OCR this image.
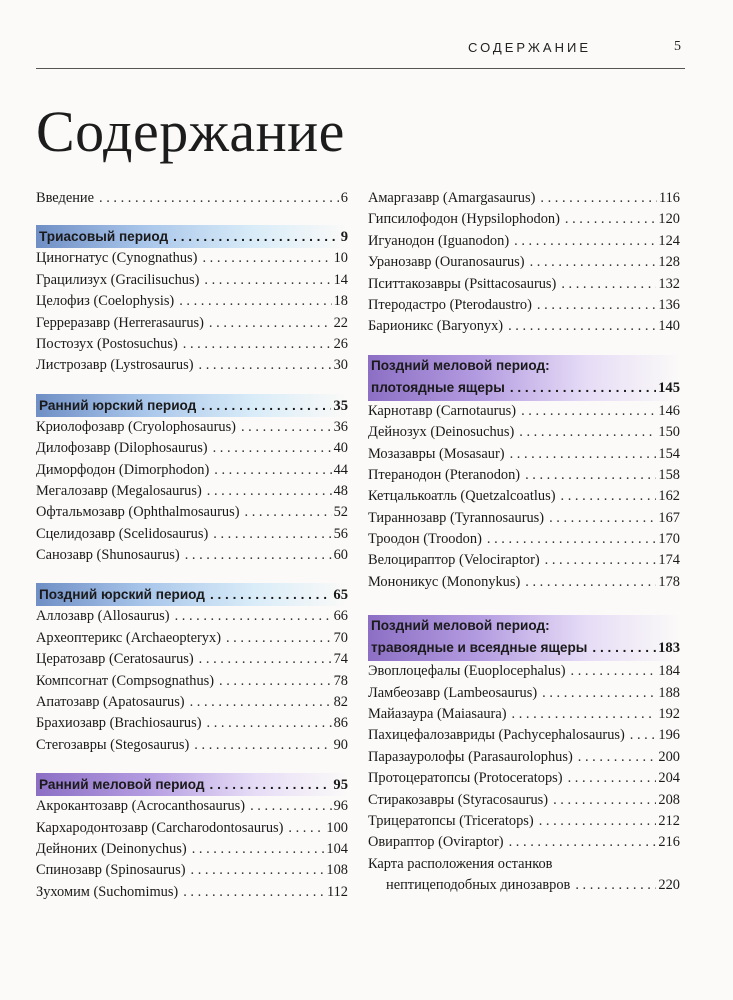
СОДЕРЖАНИЕ	5
Содержание
Введение . . .	6
Триасовый период . . .	9
Циногнатус (Cynognathus) . . .	10
Грацилизух (Gracilisuchus) . . .	14
Целофиз (Coelophysis) . . .	18
Герреразавр (Herrerasaurus) . . .	22
Постозух (Postosuchus) . . .	26
Листрозавр (Lystrosaurus) . . .	30
Ранний юрский период . . .	35
Криолофозавр (Cryolophosaurus) . . .	36
Дилофозавр (Dilophosaurus) . . .	40
Диморфодон (Dimorphodon) . . .	44
Мегалозавр (Megalosaurus) . . .	48
Офтальмозавр (Ophthalmosaurus) . . .	52
Сцелидозавр (Scelidosaurus) . . .	56
Санозавр (Shunosaurus) . . .	60
Поздний юрский период . . .	65
Аллозавр (Allosaurus) . . .	66
Археоптерикс (Archaeopteryx) . . .	70
Цератозавр (Ceratosaurus) . . .	74
Компсогнат (Compsognathus) . . .	78
Апатозавр (Apatosaurus) . . .	82
Брахиозавр (Brachiosaurus) . . .	86
Стегозавры (Stegosaurus) . . .	90
Ранний меловой период . . .	95
Акрокантозавр (Acrocanthosaurus) . . .	96
Кархародонтозавр (Carcharodontosaurus) . . .	100
Дейноних (Deinonychus) . . .	104
Спинозавр (Spinosaurus) . . .	108
Зухомим (Suchomimus) . . .	112
Амаргазавр (Amargasaurus) . . .	116
Гипсилофодон (Hypsilophodon) . . .	120
Игуанодон (Iguanodon) . . .	124
Уранозавр (Ouranosaurus) . . .	128
Пситтакозавры (Psittacosaurus) . . .	132
Птеродастро (Pterodaustro) . . .	136
Барионикс (Baryonyx) . . .	140
Поздний меловой период:
плотоядные ящеры . . .	145
Карнотавр (Carnotaurus) . . .	146
Дейнозух (Deinosuchus) . . .	150
Мозазавры (Mosasaur) . . .	154
Птеранодон (Pteranodon) . . .	158
Кетцалькоатль (Quetzalcoatlus) . . .	162
Тираннозавр (Tyrannosaurus) . . .	167
Троодон (Troodon) . . .	170
Велоцираптор (Velociraptor) . . .	174
Мононикус (Mononykus) . . .	178
Поздний меловой период:
травоядные и всеядные ящеры . . .	183
Эвоплоцефалы (Euoplocephalus) . . .	184
Ламбеозавр (Lambeosaurus) . . .	188
Майазаура (Maiasaura) . . .	192
Пахицефалозавриды (Pachycephalosaurus) . . . 196
Паразауролофы (Parasaurolophus) . . .	200
Протоцератопсы (Protoceratops) . . .	204
Стиракозавры (Styracosaurus) . . .	208
Трицератопсы (Triceratops) . . .	212
Овираптор (Oviraptor) . . .	216
Карта расположения останков
нептицеподобных динозавров . . .	220
